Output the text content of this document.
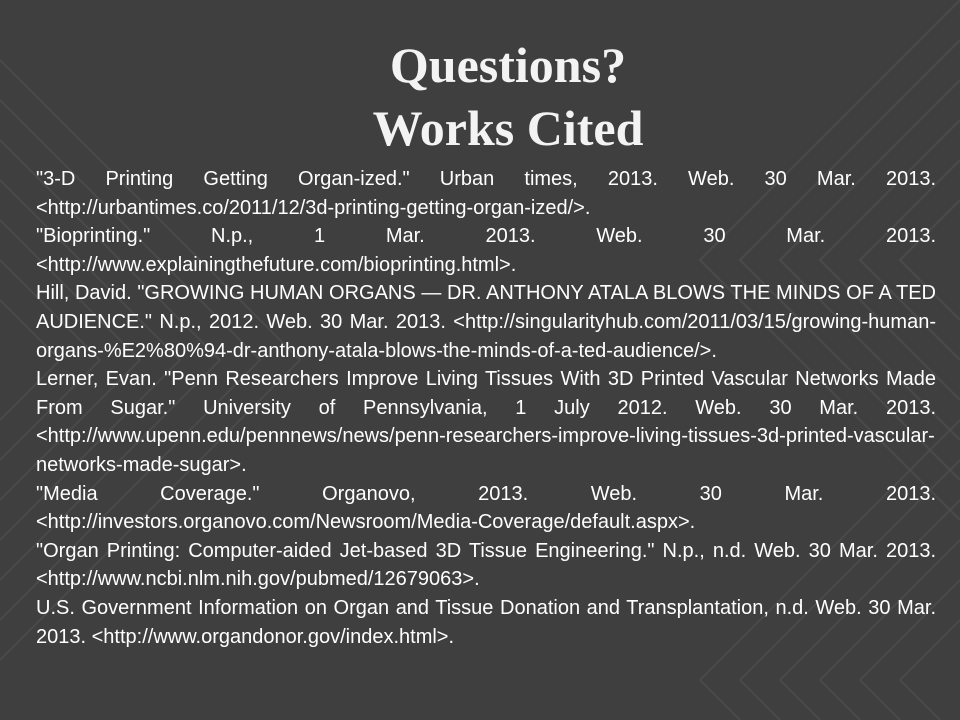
Questions?
Works Cited
"3-D Printing Getting Organ-ized." Urban times, 2013. Web. 30 Mar. 2013. <http://urbantimes.co/2011/12/3d-printing-getting-organ-ized/>.
"Bioprinting." N.p., 1 Mar. 2013. Web. 30 Mar. 2013. <http://www.explainingthefuture.com/bioprinting.html>.
Hill, David. "GROWING HUMAN ORGANS — DR. ANTHONY ATALA BLOWS THE MINDS OF A TED AUDIENCE." N.p., 2012. Web. 30 Mar. 2013. <http://singularityhub.com/2011/03/15/growing-human-organs-%E2%80%94-dr-anthony-atala-blows-the-minds-of-a-ted-audience/>.
Lerner, Evan. "Penn Researchers Improve Living Tissues With 3D Printed Vascular Networks Made From Sugar." University of Pennsylvania, 1 July 2012. Web. 30 Mar. 2013. <http://www.upenn.edu/pennnews/news/penn-researchers-improve-living-tissues-3d-printed-vascular-networks-made-sugar>.
"Media Coverage." Organovo, 2013. Web. 30 Mar. 2013. <http://investors.organovo.com/Newsroom/Media-Coverage/default.aspx>.
"Organ Printing: Computer-aided Jet-based 3D Tissue Engineering." N.p., n.d. Web. 30 Mar. 2013. <http://www.ncbi.nlm.nih.gov/pubmed/12679063>.
U.S. Government Information on Organ and Tissue Donation and Transplantation, n.d. Web. 30 Mar. 2013. <http://www.organdonor.gov/index.html>.
